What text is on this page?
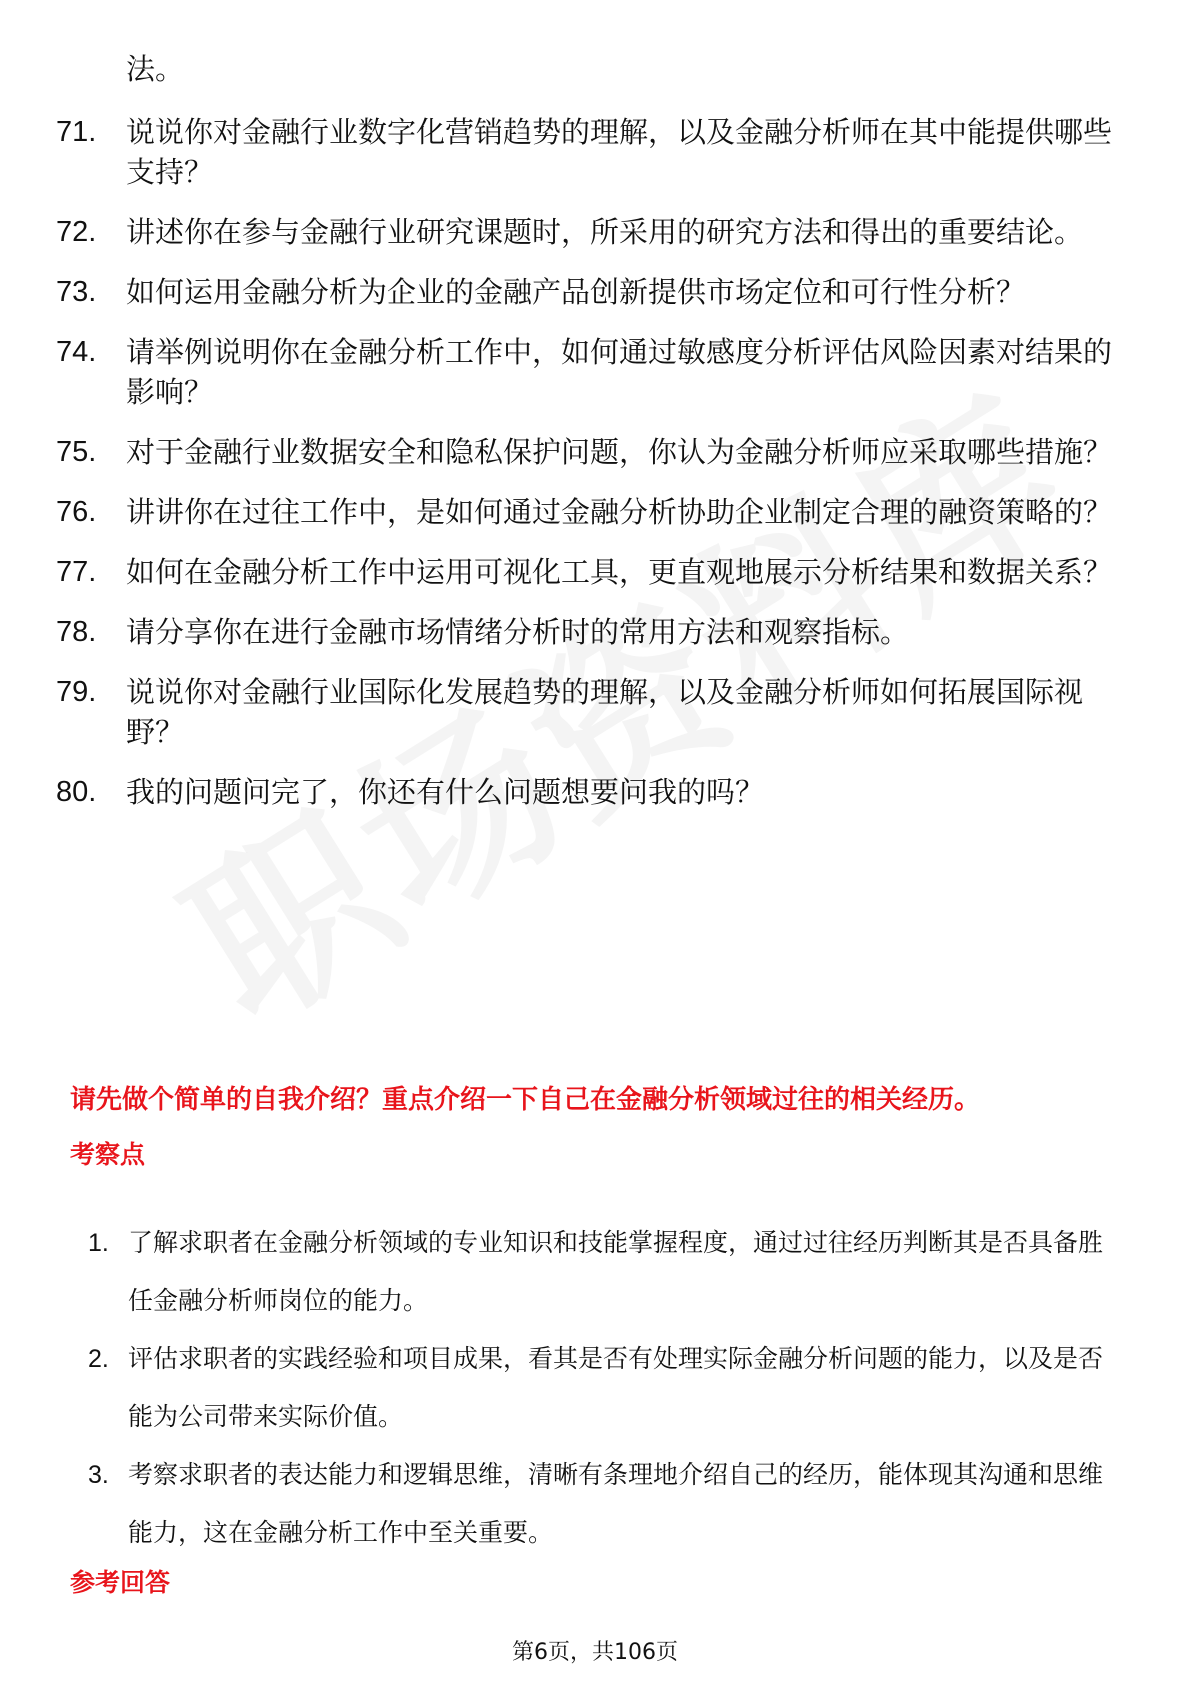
法。
71. 说说你对金融行业数字化营销趋势的理解，以及金融分析师在其中能提供哪些支持？
72. 讲述你在参与金融行业研究课题时，所采用的研究方法和得出的重要结论。
73. 如何运用金融分析为企业的金融产品创新提供市场定位和可行性分析？
74. 请举例说明你在金融分析工作中，如何通过敏感度分析评估风险因素对结果的影响？
75. 对于金融行业数据安全和隐私保护问题，你认为金融分析师应采取哪些措施？
76. 讲讲你在过往工作中，是如何通过金融分析协助企业制定合理的融资策略的？
77. 如何在金融分析工作中运用可视化工具，更直观地展示分析结果和数据关系？
78. 请分享你在进行金融市场情绪分析时的常用方法和观察指标。
79. 说说你对金融行业国际化发展趋势的理解，以及金融分析师如何拓展国际视野？
80. 我的问题问完了，你还有什么问题想要问我的吗？
请先做个简单的自我介绍？重点介绍一下自己在金融分析领域过往的相关经历。
考察点
1. 了解求职者在金融分析领域的专业知识和技能掌握程度，通过过往经历判断其是否具备胜任金融分析师岗位的能力。
2. 评估求职者的实践经验和项目成果，看其是否有处理实际金融分析问题的能力，以及是否能为公司带来实际价值。
3. 考察求职者的表达能力和逻辑思维，清晰有条理地介绍自己的经历，能体现其沟通和思维能力，这在金融分析工作中至关重要。
参考回答
第6页，共106页
